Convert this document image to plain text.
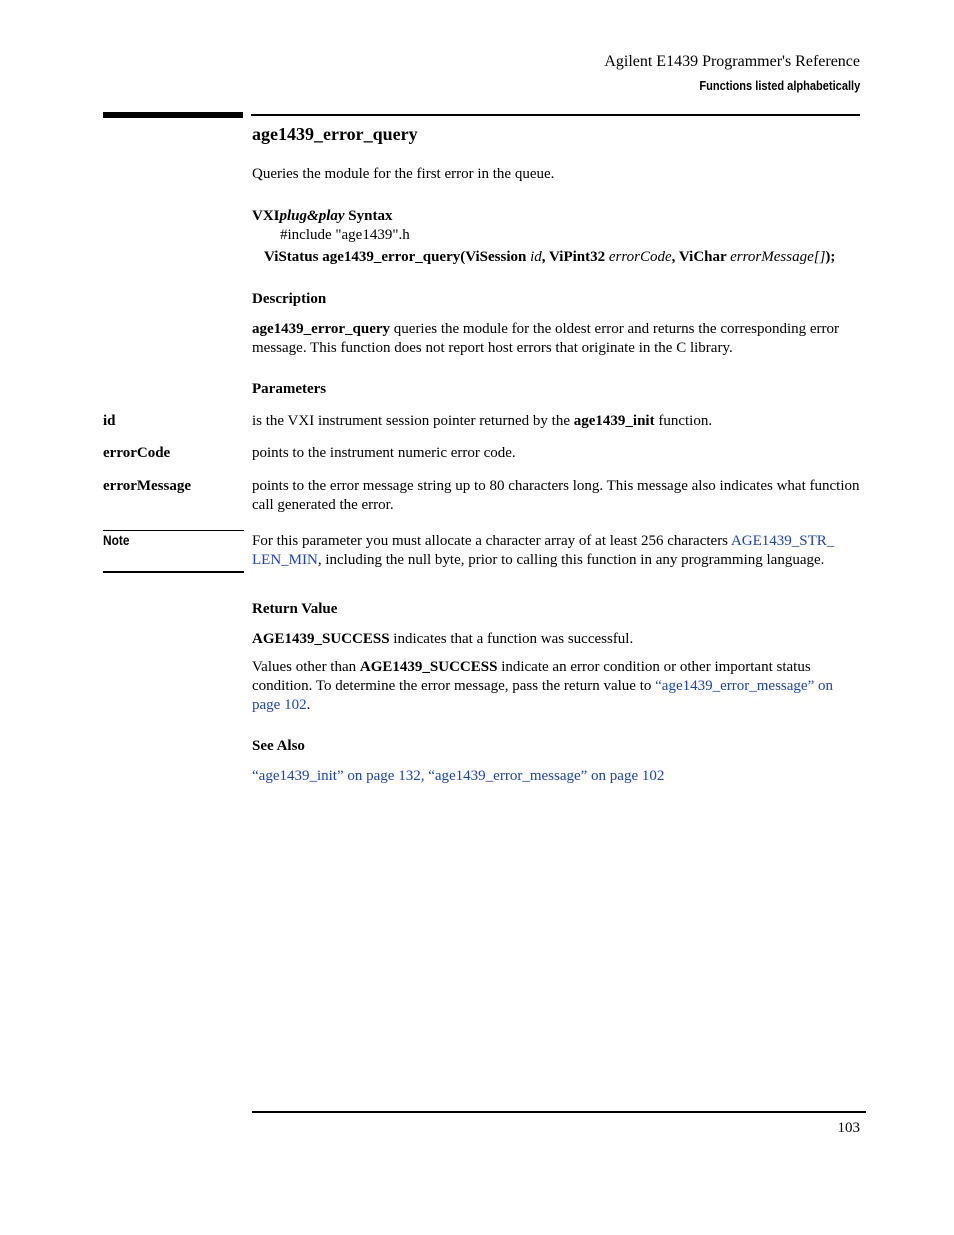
Agilent E1439 Programmer's Reference
Functions listed alphabetically
age1439_error_query

Queries the module for the first error in the queue.

VXIplug&play Syntax
#include "age1439".h
ViStatus age1439_error_query(ViSession id, ViPint32 errorCode, ViChar errorMessage[]);
Description

age1439_error_query queries the module for the oldest error and returns the corresponding error message. This function does not report host errors that originate in the C library.

Parameters
id	is the VXI instrument session pointer returned by the age1439_init function.

errorCode	points to the instrument numeric error code.

errorMessage	points to the error message string up to 80 characters long. This message also indicates what function call generated the error.

Note	For this parameter you must allocate a character array of at least 256 characters AGE1439_STR_ LEN_MIN, including the null byte, prior to calling this function in any programming language.

Return Value

AGE1439_SUCCESS indicates that a function was successful.

Values other than AGE1439_SUCCESS indicate an error condition or other important status condition. To determine the error message, pass the return value to “age1439_error_message” on page 102.

See Also

“age1439_init” on page 132, “age1439_error_message” on page 102

103
